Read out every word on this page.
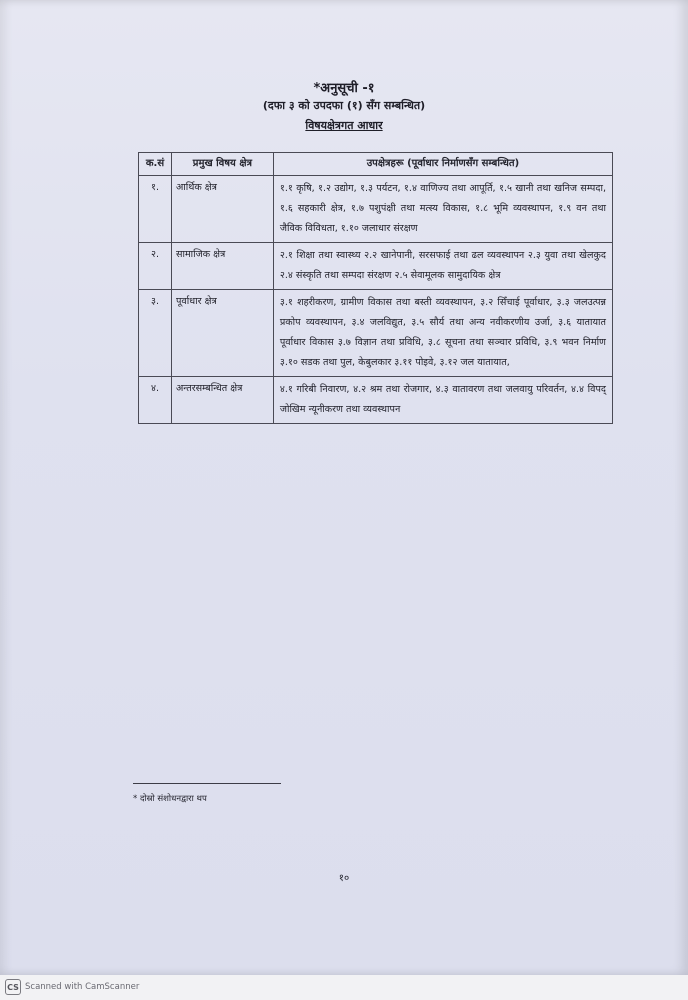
*अनुसूची -१
(दफा ३ को उपदफा (१) सँग सम्बन्धित)
विषयक्षेत्रगत आधार
क.सं	प्रमुख विषय क्षेत्र	उपक्षेत्रहरू (पूर्वाधार निर्माणसँग सम्बन्धित)
१.	आर्थिक क्षेत्र	१.१ कृषि, १.२ उद्योग, १.३ पर्यटन, १.४ वाणिज्य तथा आपूर्ति, १.५ खानी तथा खनिज सम्पदा, १.६ सहकारी क्षेत्र, १.७ पशुपंक्षी तथा मत्स्य विकास, १.८ भूमि व्यवस्थापन, १.९ वन तथा जैविक विविधता, १.१० जलाधार संरक्षण
२.	सामाजिक क्षेत्र	२.१ शिक्षा तथा स्वास्थ्य २.२ खानेपानी, सरसफाई तथा ढल व्यवस्थापन २.३ युवा तथा खेलकुद २.४ संस्कृति तथा सम्पदा संरक्षण २.५ सेवामूलक सामुदायिक क्षेत्र
३.	पूर्वाधार क्षेत्र	३.१ शहरीकरण, ग्रामीण विकास तथा बस्ती व्यवस्थापन, ३.२ सिँचाई पूर्वाधार, ३.३ जलउत्पन्न प्रकोप व्यवस्थापन, ३.४ जलविद्युत, ३.५ सौर्य तथा अन्य नवीकरणीय उर्जा, ३.६ यातायात पूर्वाधार विकास ३.७ विज्ञान तथा प्रविधि, ३.८ सूचना तथा सञ्चार प्रविधि, ३.९ भवन निर्माण ३.१० सडक तथा पुल, केबुलकार ३.११ पोइवे, ३.१२ जल यातायात,
४.	अन्तरसम्बन्धित क्षेत्र	४.१ गरिबी निवारण, ४.२ श्रम तथा रोजगार, ४.३ वातावरण तथा जलवायु परिवर्तन, ४.४ विपद् जोखिम न्यूनीकरण तथा व्यवस्थापन
* दोस्रो संशोधनद्वारा थप
१०
CS Scanned with CamScanner
